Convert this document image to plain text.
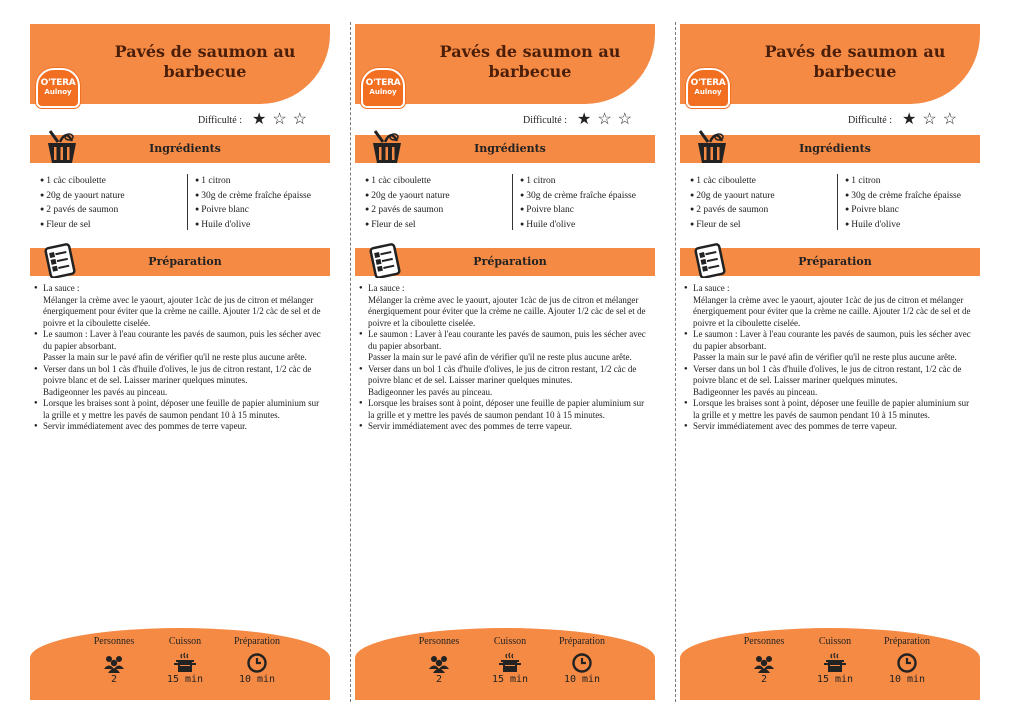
O'TERA
Aulnoy
Pavés de saumon au barbecue
Difficulté : ★ ☆ ☆
Ingrédients
● 1 càc ciboulette
● 20g de yaourt nature
● 2 pavés de saumon
● Fleur de sel
● 1 citron
● 30g de crème fraîche épaisse
● Poivre blanc
● Huile d'olive
Préparation
● La sauce :
Mélanger la crème avec le yaourt, ajouter 1càc de jus de citron et mélanger énergiquement pour éviter que la crème ne caille. Ajouter 1/2 càc de sel et de poivre et la ciboulette ciselée.
● Le saumon : Laver à l'eau courante les pavés de saumon, puis les sécher avec du papier absorbant.
Passer la main sur le pavé afin de vérifier qu'il ne reste plus aucune arête.
● Verser dans un bol 1 càs d'huile d'olives, le jus de citron restant, 1/2 càc de poivre blanc et de sel. Laisser mariner quelques minutes.
Badigeonner les pavés au pinceau.
● Lorsque les braises sont à point, déposer une feuille de papier aluminium sur la grille et y mettre les pavés de saumon pendant 10 à 15 minutes.
● Servir immédiatement avec des pommes de terre vapeur.
Personnes
2
Cuisson
15 min
Préparation
10 min
O'TERA
Aulnoy
Pavés de saumon au barbecue
Difficulté : ★ ☆ ☆
Ingrédients
● 1 càc ciboulette
● 20g de yaourt nature
● 2 pavés de saumon
● Fleur de sel
● 1 citron
● 30g de crème fraîche épaisse
● Poivre blanc
● Huile d'olive
Préparation
● La sauce :
Mélanger la crème avec le yaourt, ajouter 1càc de jus de citron et mélanger énergiquement pour éviter que la crème ne caille. Ajouter 1/2 càc de sel et de poivre et la ciboulette ciselée.
● Le saumon : Laver à l'eau courante les pavés de saumon, puis les sécher avec du papier absorbant.
Passer la main sur le pavé afin de vérifier qu'il ne reste plus aucune arête.
● Verser dans un bol 1 càs d'huile d'olives, le jus de citron restant, 1/2 càc de poivre blanc et de sel. Laisser mariner quelques minutes.
Badigeonner les pavés au pinceau.
● Lorsque les braises sont à point, déposer une feuille de papier aluminium sur la grille et y mettre les pavés de saumon pendant 10 à 15 minutes.
● Servir immédiatement avec des pommes de terre vapeur.
Personnes
2
Cuisson
15 min
Préparation
10 min
O'TERA
Aulnoy
Pavés de saumon au barbecue
Difficulté : ★ ☆ ☆
Ingrédients
● 1 càc ciboulette
● 20g de yaourt nature
● 2 pavés de saumon
● Fleur de sel
● 1 citron
● 30g de crème fraîche épaisse
● Poivre blanc
● Huile d'olive
Préparation
● La sauce :
Mélanger la crème avec le yaourt, ajouter 1càc de jus de citron et mélanger énergiquement pour éviter que la crème ne caille. Ajouter 1/2 càc de sel et de poivre et la ciboulette ciselée.
● Le saumon : Laver à l'eau courante les pavés de saumon, puis les sécher avec du papier absorbant.
Passer la main sur le pavé afin de vérifier qu'il ne reste plus aucune arête.
● Verser dans un bol 1 càs d'huile d'olives, le jus de citron restant, 1/2 càc de poivre blanc et de sel. Laisser mariner quelques minutes.
Badigeonner les pavés au pinceau.
● Lorsque les braises sont à point, déposer une feuille de papier aluminium sur la grille et y mettre les pavés de saumon pendant 10 à 15 minutes.
● Servir immédiatement avec des pommes de terre vapeur.
Personnes
2
Cuisson
15 min
Préparation
10 min
